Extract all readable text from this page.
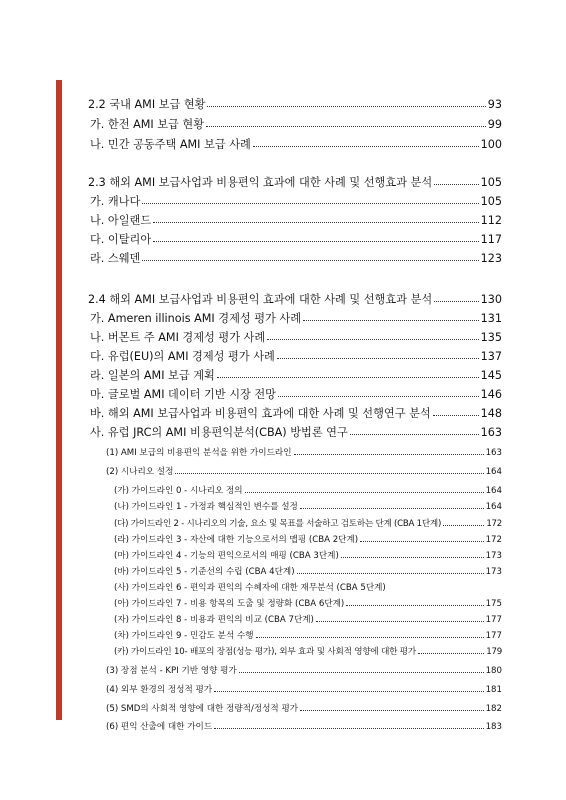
2.2 국내 AMI 보급 현황	93
가. 한전 AMI 보급 현황	99
나. 민간 공동주택 AMI 보급 사례	100
2.3 해외 AMI 보급사업과 비용편익 효과에 대한 사례 및 선행효과 분석	105
가. 캐나다	105
나. 아일랜드	112
다. 이탈리아	117
라. 스웨덴	123
2.4 해외 AMI 보급사업과 비용편익 효과에 대한 사례 및 선행효과 분석	130
가. Ameren illinois AMI 경제성 평가 사례	131
나. 버몬트 주 AMI 경제성 평가 사례	135
다. 유럽(EU)의 AMI 경제성 평가 사례	137
라. 일본의 AMI 보급 계획	145
마. 글로벌 AMI 데이터 기반 시장 전망	146
바. 해외 AMI 보급사업과 비용편익 효과에 대한 사례 및 선행연구 분석	148
사. 유럽 JRC의 AMI 비용편익분석(CBA) 방법론 연구	163
(1) AMI 보급의 비용편익 분석을 위한 가이드라인	163
(2) 시나리오 설정	164
(가) 가이드라인 0 - 시나리오 정의	164
(나) 가이드라인 1 - 가정과 핵심적인 변수를 설정	164
(다) 가이드라인 2 - 시나리오의 기술, 요소 및 목표를 서술하고 검토하는 단계 (CBA 1단계)	172
(라) 가이드라인 3 - 자산에 대한 기능으로서의 맵핑 (CBA 2단계)	172
(마) 가이드라인 4 - 기능의 편익으로서의 매핑 (CBA 3단계)	173
(바) 가이드라인 5 - 기준선의 수립 (CBA 4단계)	173
(사) 가이드라인 6 - 편익과 편익의 수혜자에 대한 재무분석 (CBA 5단계)
(아) 가이드라인 7 - 비용 항목의 도출 및 정량화 (CBA 6단계)	175
(자) 가이드라인 8 - 비용과 편익의 비교 (CBA 7단계)	177
(차) 가이드라인 9 - 민감도 분석 수행	177
(카) 가이드라인 10- 배포의 장점(성능 평가), 외부 효과 및 사회적 영향에 대한 평가	179
(3) 장점 분석 - KPI 기반 영향 평가	180
(4) 외부 환경의 정성적 평가	181
(5) SMD의 사회적 영향에 대한 정량적/정성적 평가	182
(6) 편익 산출에 대한 가이드	183
